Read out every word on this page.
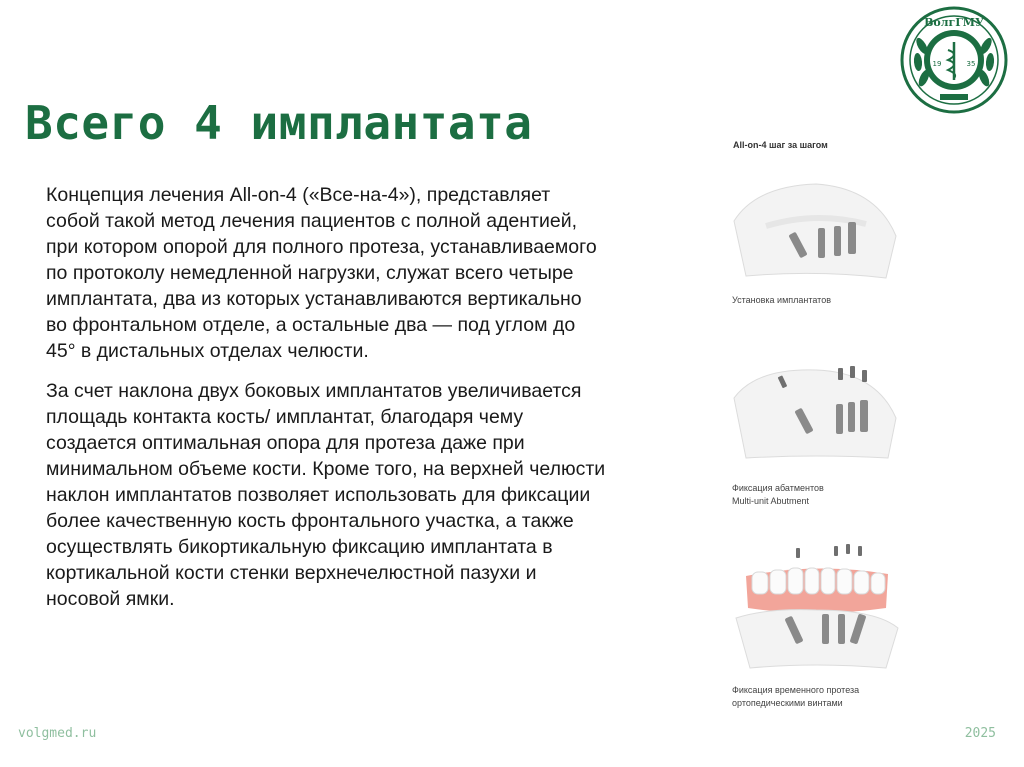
ВолгГМУ
19	35
Всего 4 имплантата

Концепция лечения All-on-4 («Все-на-4»), представляет собой такой метод лечения пациентов с полной адентией, при котором опорой для полного протеза, устанавливаемого по протоколу немедленной нагрузки, служат всего четыре имплантата, два из которых устанавливаются вертикально во фронтальном отделе, а остальные два — под углом до 45° в дистальных отделах челюсти.

За счет наклона двух боковых имплантатов увеличивается площадь контакта кость/ имплантат, благодаря чему создается оптимальная опора для протеза даже при минимальном объеме кости. Кроме того, на верхней челюсти наклон имплантатов позволяет использовать для фиксации более качественную кость фронтального участка, а также осуществлять бикортикальную фиксацию имплантата в кортикальной кости стенки верхнечелюстной пазухи и носовой ямки.

All-on-4 шаг за шагом
Установка имплантатов
Фиксация абатментов
Multi-unit Abutment
Фиксация временного протеза
ортопедическими винтами
volgmed.ru	2025
